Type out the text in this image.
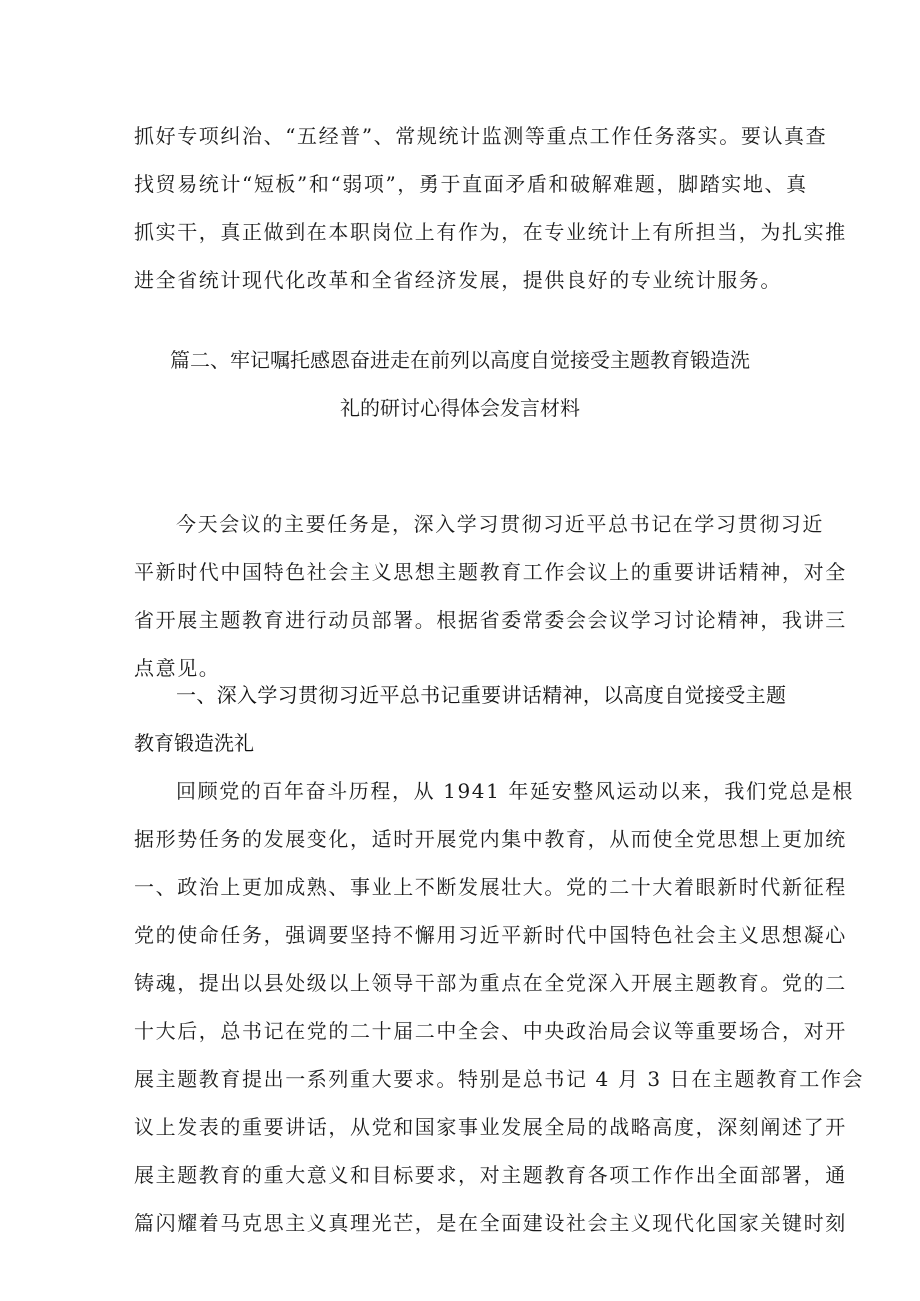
抓好专项纠治、“五经普”、常规统计监测等重点工作任务落实。要认真查
找贸易统计“短板”和“弱项”，勇于直面矛盾和破解难题，脚踏实地、真
抓实干，真正做到在本职岗位上有作为，在专业统计上有所担当，为扎实推
进全省统计现代化改革和全省经济发展，提供良好的专业统计服务。
篇二、牢记嘱托感恩奋进走在前列以高度自觉接受主题教育锻造洗
礼的研讨心得体会发言材料
今天会议的主要任务是，深入学习贯彻习近平总书记在学习贯彻习近
平新时代中国特色社会主义思想主题教育工作会议上的重要讲话精神，对全
省开展主题教育进行动员部署。根据省委常委会会议学习讨论精神，我讲三
点意见。
一、深入学习贯彻习近平总书记重要讲话精神，以高度自觉接受主题
教育锻造洗礼
回顾党的百年奋斗历程，从 1941 年延安整风运动以来，我们党总是根
据形势任务的发展变化，适时开展党内集中教育，从而使全党思想上更加统
一、政治上更加成熟、事业上不断发展壮大。党的二十大着眼新时代新征程
党的使命任务，强调要坚持不懈用习近平新时代中国特色社会主义思想凝心
铸魂，提出以县处级以上领导干部为重点在全党深入开展主题教育。党的二
十大后，总书记在党的二十届二中全会、中央政治局会议等重要场合，对开
展主题教育提出一系列重大要求。特别是总书记 4 月 3 日在主题教育工作会
议上发表的重要讲话，从党和国家事业发展全局的战略高度，深刻阐述了开
展主题教育的重大意义和目标要求，对主题教育各项工作作出全面部署，通
篇闪耀着马克思主义真理光芒，是在全面建设社会主义现代化国家关键时刻
